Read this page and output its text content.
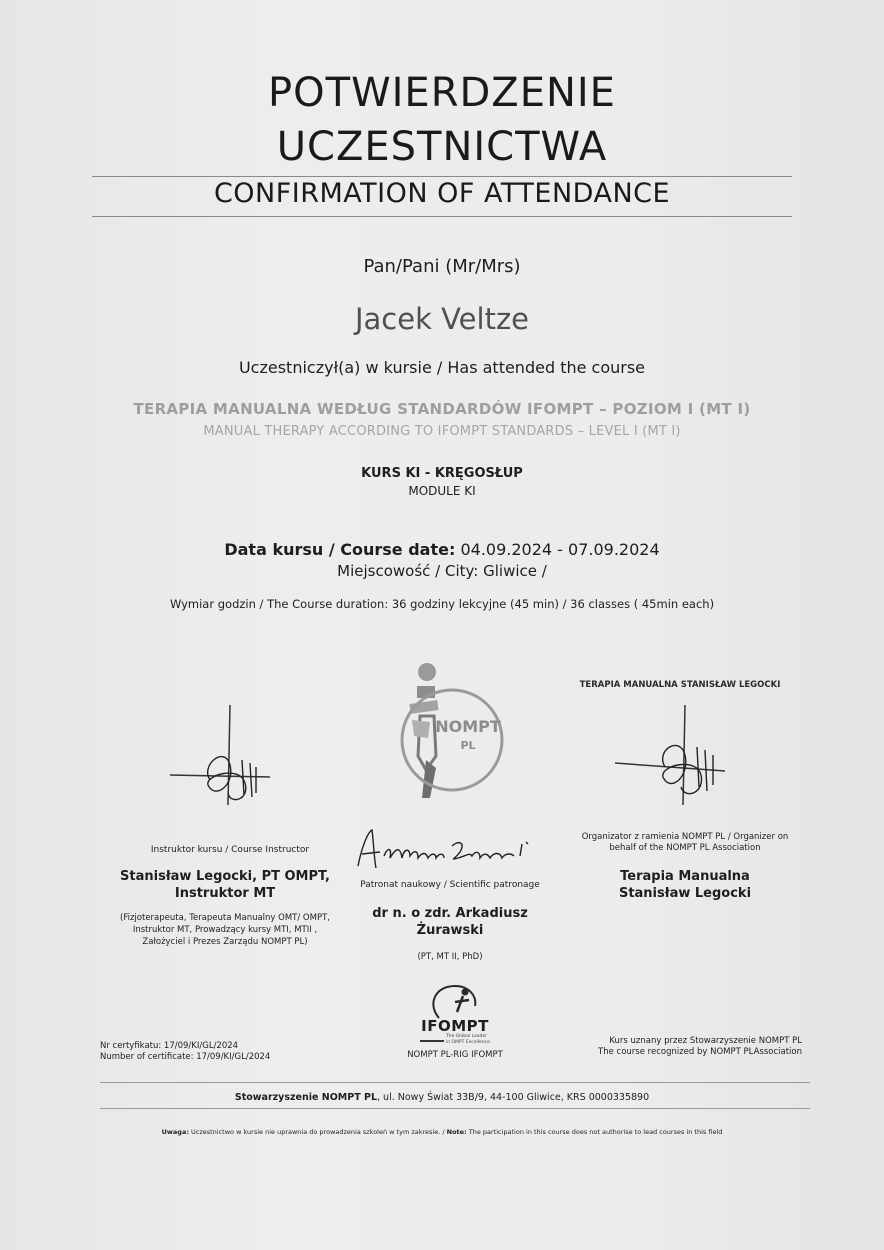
POTWIERDZENIE
UCZESTNICTWA
CONFIRMATION OF ATTENDANCE
Pan/Pani (Mr/Mrs)
Jacek Veltze
Uczestniczył(a) w kursie / Has attended the course
TERAPIA MANUALNA WEDŁUG STANDARDÓW IFOMPT – POZIOM I (MT I)
MANUAL THERAPY ACCORDING TO IFOMPT STANDARDS – LEVEL I (MT I)
KURS KI - KRĘGOSŁUP
MODULE KI
Data kursu / Course date: 04.09.2024 - 07.09.2024
Miejscowość / City: Gliwice /
Wymiar godzin / The Course duration: 36 godziny lekcyjne (45 min) / 36 classes ( 45min each)
TERAPIA MANUALNA STANISŁAW LEGOCKI
NOMPT
PL
Instruktor kursu / Course Instructor
Stanisław Legocki, PT OMPT,
Instruktor MT
(Fizjoterapeuta, Terapeuta Manualny OMT/ OMPT,
Instruktor MT, Prowadzący kursy MTI, MTII ,
Założyciel i Prezes Zarządu NOMPT PL)
Patronat naukowy / Scientific patronage
dr n. o zdr. Arkadiusz
Żurawski
(PT, MT II, PhD)
Organizator z ramienia NOMPT PL / Organizer on
behalf of the NOMPT PL Association
Terapia Manualna
Stanisław Legocki
IFOMPT
The Global Leader
in OMPT Excellence
NOMPT PL-RIG IFOMPT
Nr certyfikatu: 17/09/KI/GL/2024
Number of certificate: 17/09/KI/GL/2024
Kurs uznany przez Stowarzyszenie NOMPT PL
The course recognized by NOMPT PLAssociation
Stowarzyszenie NOMPT PL, ul. Nowy Świat 33B/9, 44-100 Gliwice, KRS 0000335890
Uwaga: Uczestnictwo w kursie nie uprawnia do prowadzenia szkoleń w tym zakresie. / Note: The participation in this course does not authorise to lead courses in this field
